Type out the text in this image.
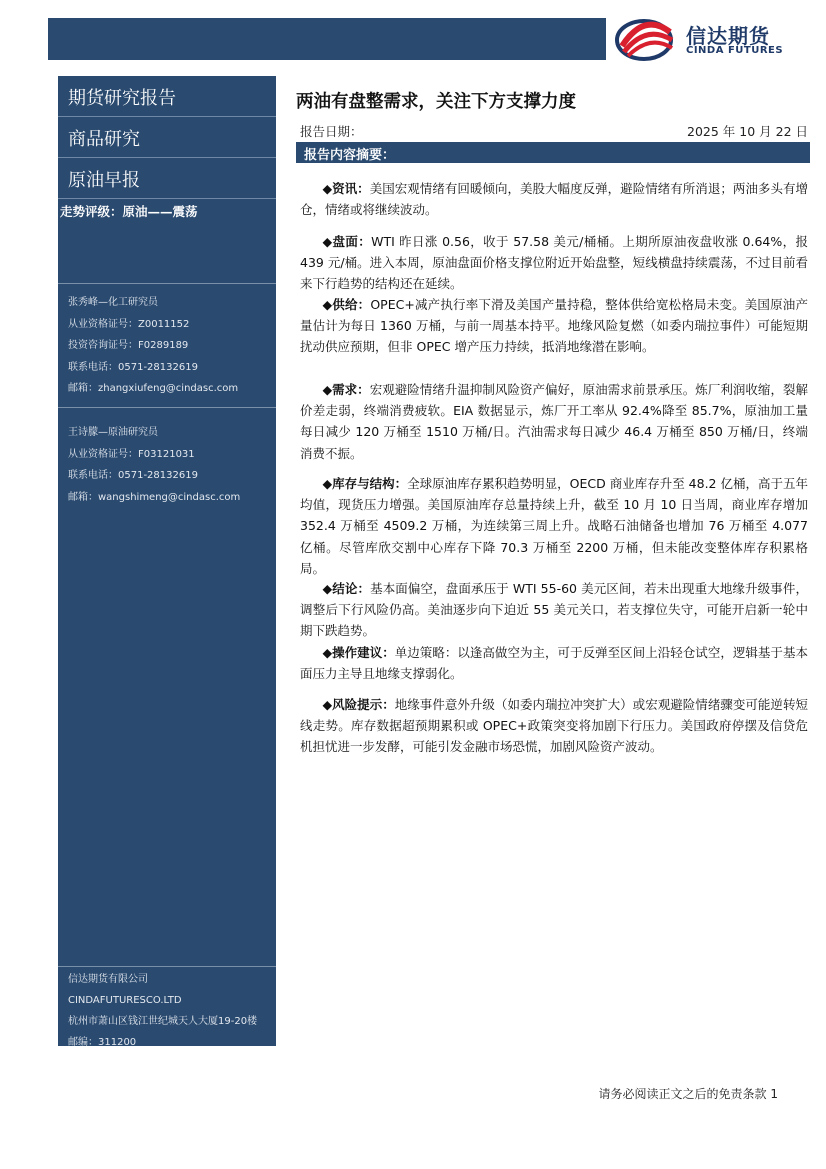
信达期货
CINDA FUTURES
期货研究报告
商品研究
原油早报
走势评级：原油——震荡
张秀峰—化工研究员
从业资格证号：Z0011152
投资咨询证号：F0289189
联系电话：0571-28132619
邮箱：zhangxiufeng@cindasc.com
王诗朦—原油研究员
从业资格证号：F03121031
联系电话：0571-28132619
邮箱：wangshimeng@cindasc.com
信达期货有限公司
CINDAFUTURESCO.LTD
杭州市萧山区钱江世纪城天人大厦19-20楼
邮编：311200
两油有盘整需求，关注下方支撑力度
报告日期：	2025 年 10 月 22 日
报告内容摘要：

◆资讯：美国宏观情绪有回暖倾向，美股大幅度反弹，避险情绪有所消退；两油多头有增仓，情绪或将继续波动。

◆盘面：WTI 昨日涨 0.56，收于 57.58 美元/桶桶。上期所原油夜盘收涨 0.64%，报 439 元/桶。进入本周，原油盘面价格支撑位附近开始盘整，短线横盘持续震荡，不过目前看来下行趋势的结构还在延续。

◆供给：OPEC+减产执行率下滑及美国产量持稳，整体供给宽松格局未变。美国原油产量估计为每日 1360 万桶，与前一周基本持平。地缘风险复燃（如委内瑞拉事件）可能短期扰动供应预期，但非 OPEC 增产压力持续，抵消地缘潜在影响。

◆需求：宏观避险情绪升温抑制风险资产偏好，原油需求前景承压。炼厂利润收缩，裂解价差走弱，终端消费疲软。EIA 数据显示，炼厂开工率从 92.4%降至 85.7%，原油加工量每日减少 120 万桶至 1510 万桶/日。汽油需求每日减少 46.4 万桶至 850 万桶/日，终端消费不振。

◆库存与结构：全球原油库存累积趋势明显，OECD 商业库存升至 48.2 亿桶，高于五年均值，现货压力增强。美国原油库存总量持续上升，截至 10 月 10 日当周，商业库存增加 352.4 万桶至 4509.2 万桶，为连续第三周上升。战略石油储备也增加 76 万桶至 4.077 亿桶。尽管库欣交割中心库存下降 70.3 万桶至 2200 万桶，但未能改变整体库存积累格局。

◆结论：基本面偏空，盘面承压于 WTI 55-60 美元区间，若未出现重大地缘升级事件，调整后下行风险仍高。美油逐步向下迫近 55 美元关口，若支撑位失守，可能开启新一轮中期下跌趋势。

◆操作建议：单边策略：以逢高做空为主，可于反弹至区间上沿轻仓试空，逻辑基于基本面压力主导且地缘支撑弱化。

◆风险提示：地缘事件意外升级（如委内瑞拉冲突扩大）或宏观避险情绪骤变可能逆转短线走势。库存数据超预期累积或 OPEC+政策突变将加剧下行压力。美国政府停摆及信贷危机担忧进一步发酵，可能引发金融市场恐慌，加剧风险资产波动。

请务必阅读正文之后的免责条款 1
